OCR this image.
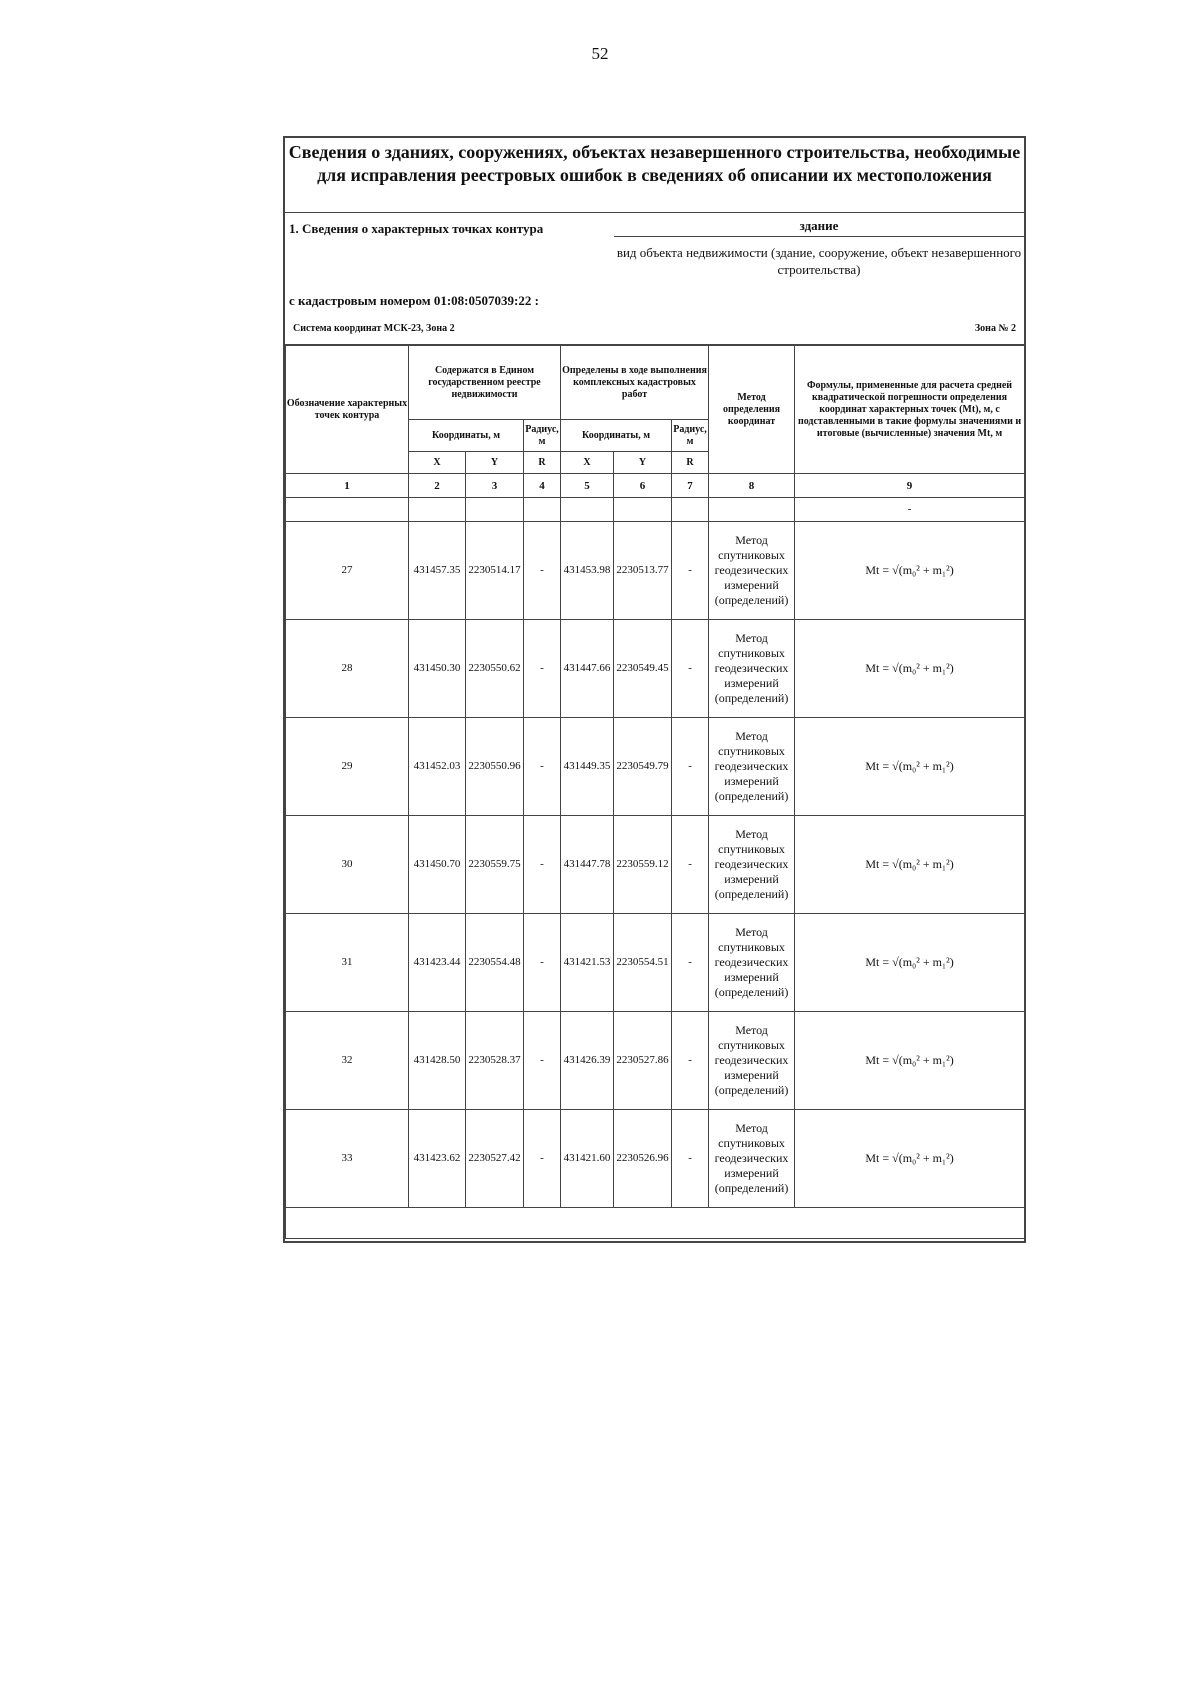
52
Сведения о зданиях, сооружениях, объектах незавершенного строительства, необходимые для исправления реестровых ошибок в сведениях об описании их местоположения
1. Сведения о характерных точках контура	здание
вид объекта недвижимости (здание, сооружение, объект незавершенного строительства)
с кадастровым номером 01:08:0507039:22 :
Система координат МСК-23, Зона 2	Зона № 2
Обозначение характерных точек контура	Содержатся в Едином государственном реестре недвижимости			Определены в ходе выполнения комплексных кадастровых работ			Метод определения координат	Формулы, примененные для расчета средней квадратической погрешности определения координат характерных точек (Mt), м, с подставленными в такие формулы значениями и итоговые (вычисленные) значения Mt, м
	Координаты, м		Радиус, м	Координаты, м		Радиус, м		
	X	Y	R	X	Y	R		
1	2	3	4	5	6	7	8	9
								-
27	431457.35	2230514.17	-	431453.98	2230513.77	-	Метод спутниковых геодезических измерений (определений)	Mt = √(m₀² + m₁²)
28	431450.30	2230550.62	-	431447.66	2230549.45	-	Метод спутниковых геодезических измерений (определений)	Mt = √(m₀² + m₁²)
29	431452.03	2230550.96	-	431449.35	2230549.79	-	Метод спутниковых геодезических измерений (определений)	Mt = √(m₀² + m₁²)
30	431450.70	2230559.75	-	431447.78	2230559.12	-	Метод спутниковых геодезических измерений (определений)	Mt = √(m₀² + m₁²)
31	431423.44	2230554.48	-	431421.53	2230554.51	-	Метод спутниковых геодезических измерений (определений)	Mt = √(m₀² + m₁²)
32	431428.50	2230528.37	-	431426.39	2230527.86	-	Метод спутниковых геодезических измерений (определений)	Mt = √(m₀² + m₁²)
33	431423.62	2230527.42	-	431421.60	2230526.96	-	Метод спутниковых геодезических измерений (определений)	Mt = √(m₀² + m₁²)
